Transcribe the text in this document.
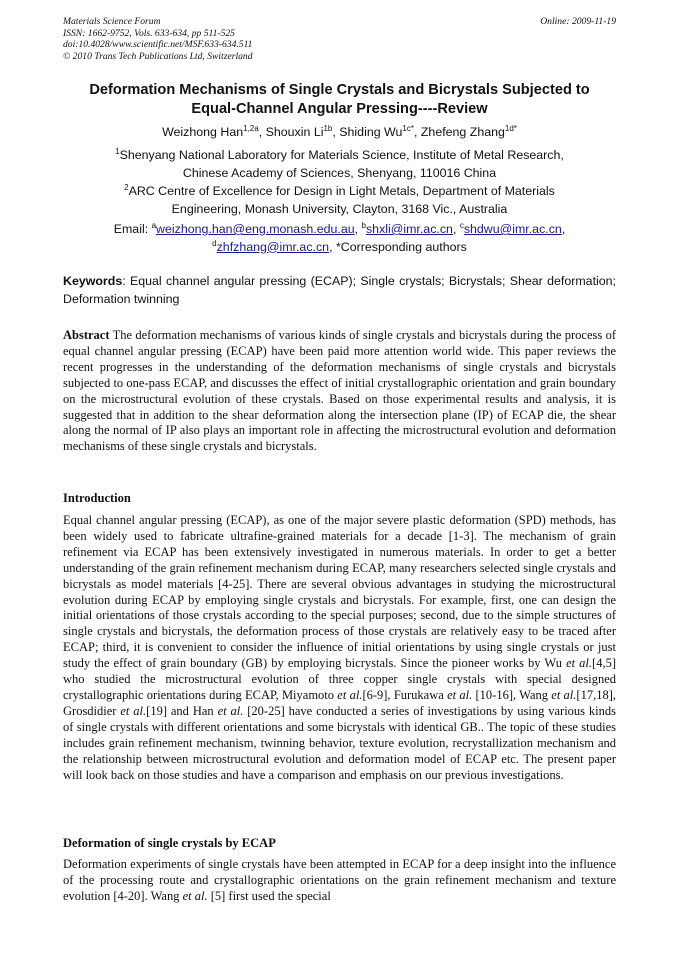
Materials Science Forum
ISSN: 1662-9752, Vols. 633-634, pp 511-525
doi:10.4028/www.scientific.net/MSF.633-634.511
© 2010 Trans Tech Publications Ltd, Switzerland
Online: 2009-11-19
Deformation Mechanisms of Single Crystals and Bicrystals Subjected to
Equal-Channel Angular Pressing----Review
Weizhong Han$^{1,2a}$, Shouxin $Li^{1b}$, Shiding $Wu^{1c*}$, Zhefeng Zhang$^{1d*}$
$^1$Shenyang National Laboratory for Materials Science, Institute of Metal Research,
Chinese Academy of Sciences, Shenyang, 110016 China
$^2$ARC Centre of Excellence for Design in Light Metals, Department of Materials
Engineering, Monash University, Clayton, 3168 Vic., Australia
Email: $^a$weizhong.han@eng.monash.edu.au, $^b$shxli@imr.ac.cn, $^c$shdwu@imr.ac.cn,
$^d$zhfzhang@imr.ac.cn, *Corresponding authors
Keywords: Equal channel angular pressing (ECAP); Single crystals; Bicrystals; Shear deformation; Deformation twinning
Abstract The deformation mechanisms of various kinds of single crystals and bicrystals during the process of equal channel angular pressing (ECAP) have been paid more attention world wide. This paper reviews the recent progresses in the understanding of the deformation mechanisms of single crystals and bicrystals subjected to one-pass ECAP, and discusses the effect of initial crystallographic orientation and grain boundary on the microstructural evolution of these crystals. Based on those experimental results and analysis, it is suggested that in addition to the shear deformation along the intersection plane (IP) of ECAP die, the shear along the normal of IP also plays an important role in affecting the microstructural evolution and deformation mechanisms of these single crystals and bicrystals.
Introduction
Equal channel angular pressing (ECAP), as one of the major severe plastic deformation (SPD) methods, has been widely used to fabricate ultrafine-grained materials for a decade [1-3]. The mechanism of grain refinement via ECAP has been extensively investigated in numerous materials. In order to get a better understanding of the grain refinement mechanism during ECAP, many researchers selected single crystals and bicrystals as model materials [4-25]. There are several obvious advantages in studying the microstructural evolution during ECAP by employing single crystals and bicrystals. For example, first, one can design the initial orientations of those crystals according to the special purposes; second, due to the simple structures of single crystals and bicrystals, the deformation process of those crystals are relatively easy to be traced after ECAP; third, it is convenient to consider the influence of initial orientations by using single crystals or just study the effect of grain boundary (GB) by employing bicrystals. Since the pioneer works by Wu et al.[4,5] who studied the microstructural evolution of three copper single crystals with special designed crystallographic orientations during ECAP, Miyamoto et al.[6-9], Furukawa et al. [10-16], Wang et al.[17,18], Grosdidier et al.[19] and Han et al. [20-25] have conducted a series of investigations by using various kinds of single crystals with different orientations and some bicrystals with identical GB.. The topic of these studies includes grain refinement mechanism, twinning behavior, texture evolution, recrystallization mechanism and the relationship between microstructural evolution and deformation model of ECAP etc. The present paper will look back on those studies and have a comparison and emphasis on our previous investigations.
Deformation of single crystals by ECAP
Deformation experiments of single crystals have been attempted in ECAP for a deep insight into the influence of the processing route and crystallographic orientations on the grain refinement mechanism and texture evolution [4-20]. Wang et al. [5] first used the special
